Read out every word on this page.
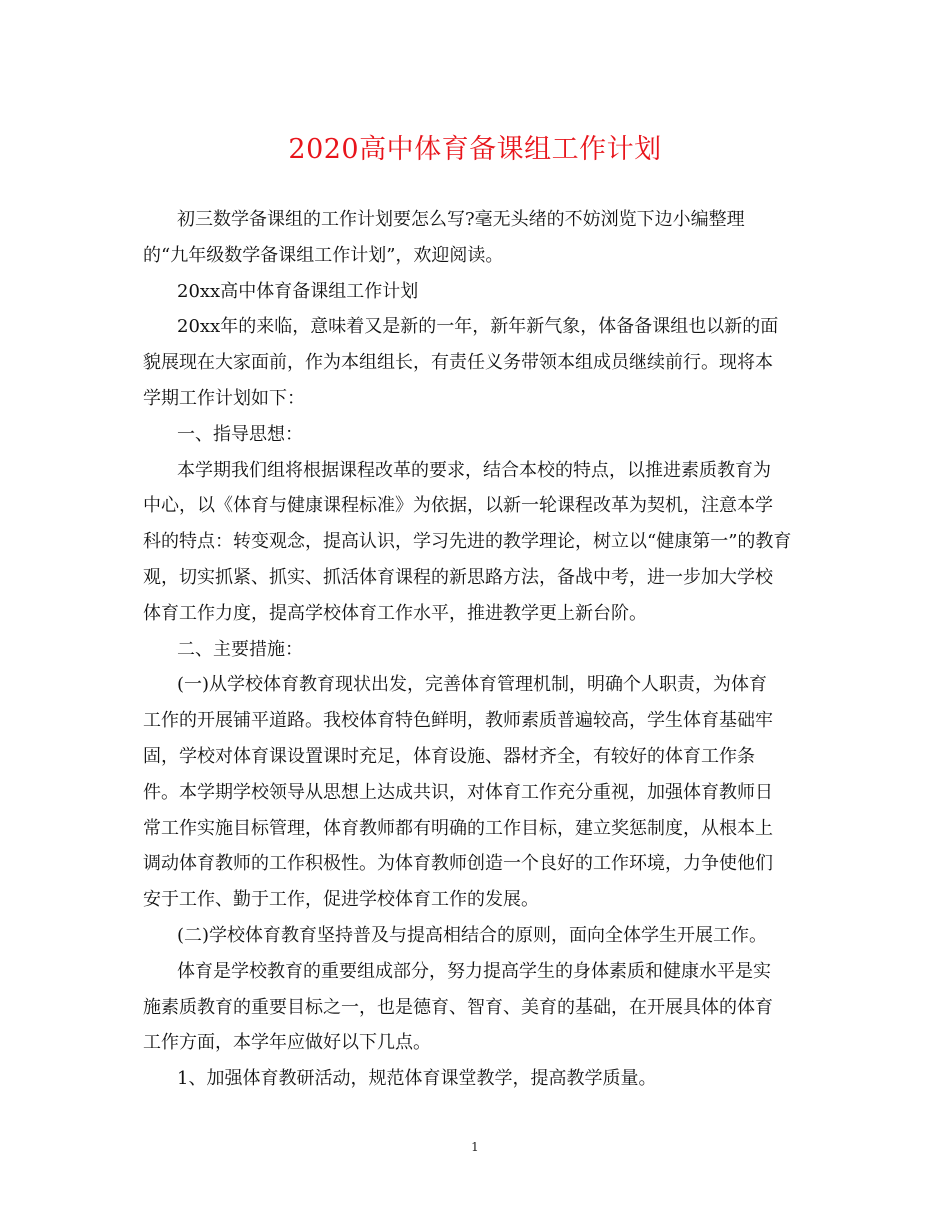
2020高中体育备课组工作计划
初三数学备课组的工作计划要怎么写?毫无头绪的不妨浏览下边小编整理
的“九年级数学备课组工作计划”，欢迎阅读。
20xx高中体育备课组工作计划
20xx年的来临，意味着又是新的一年，新年新气象，体备备课组也以新的面
貌展现在大家面前，作为本组组长，有责任义务带领本组成员继续前行。现将本
学期工作计划如下：
一、指导思想：
本学期我们组将根据课程改革的要求，结合本校的特点，以推进素质教育为
中心，以《体育与健康课程标准》为依据，以新一轮课程改革为契机，注意本学
科的特点：转变观念，提高认识，学习先进的教学理论，树立以“健康第一”的教育
观，切实抓紧、抓实、抓活体育课程的新思路方法，备战中考，进一步加大学校
体育工作力度，提高学校体育工作水平，推进教学更上新台阶。
二、主要措施：
(一)从学校体育教育现状出发，完善体育管理机制，明确个人职责，为体育
工作的开展铺平道路。我校体育特色鲜明，教师素质普遍较高，学生体育基础牢
固，学校对体育课设置课时充足，体育设施、器材齐全，有较好的体育工作条
件。本学期学校领导从思想上达成共识，对体育工作充分重视，加强体育教师日
常工作实施目标管理，体育教师都有明确的工作目标，建立奖惩制度，从根本上
调动体育教师的工作积极性。为体育教师创造一个良好的工作环境，力争使他们
安于工作、勤于工作，促进学校体育工作的发展。
(二)学校体育教育坚持普及与提高相结合的原则，面向全体学生开展工作。
体育是学校教育的重要组成部分，努力提高学生的身体素质和健康水平是实
施素质教育的重要目标之一，也是德育、智育、美育的基础，在开展具体的体育
工作方面，本学年应做好以下几点。
1、加强体育教研活动，规范体育课堂教学，提高教学质量。
1
